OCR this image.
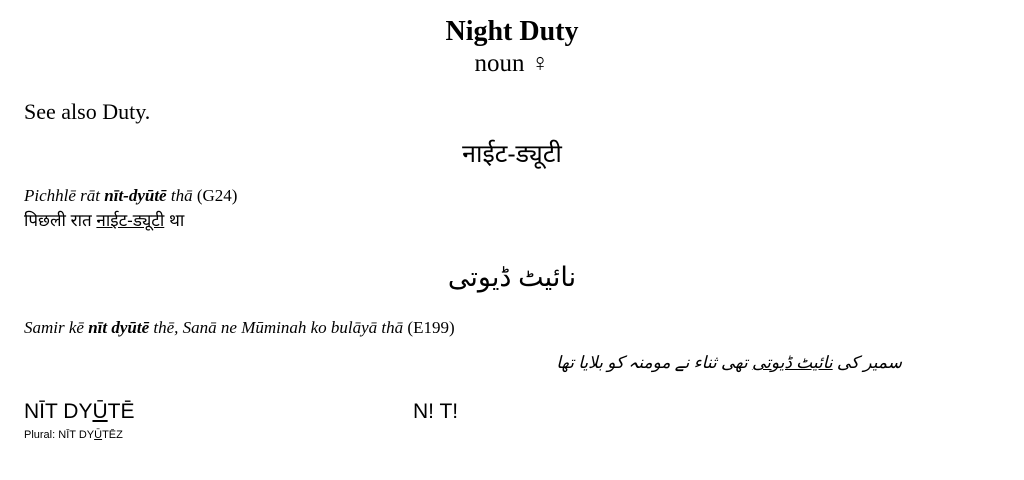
Night Duty
noun ♀
See also Duty.
नाईट-ड्यूटी
Pichhlē rāt nīt-dyūtē thā (G24)
पिछली रात नाईट-ड्यूटी था
نائیٹ ڈیوتی
Samir kē nīt dyūtē thē, Sanā ne Mūminah ko bulāyā thā (E199)
سمیر کی نائیٹ ڈیوتی تھی ثناء نے مومنہ کو بلایا تھا
NĪT DYŪTĒ	N! T!
Plural: NĪT DYŪTĒZ
